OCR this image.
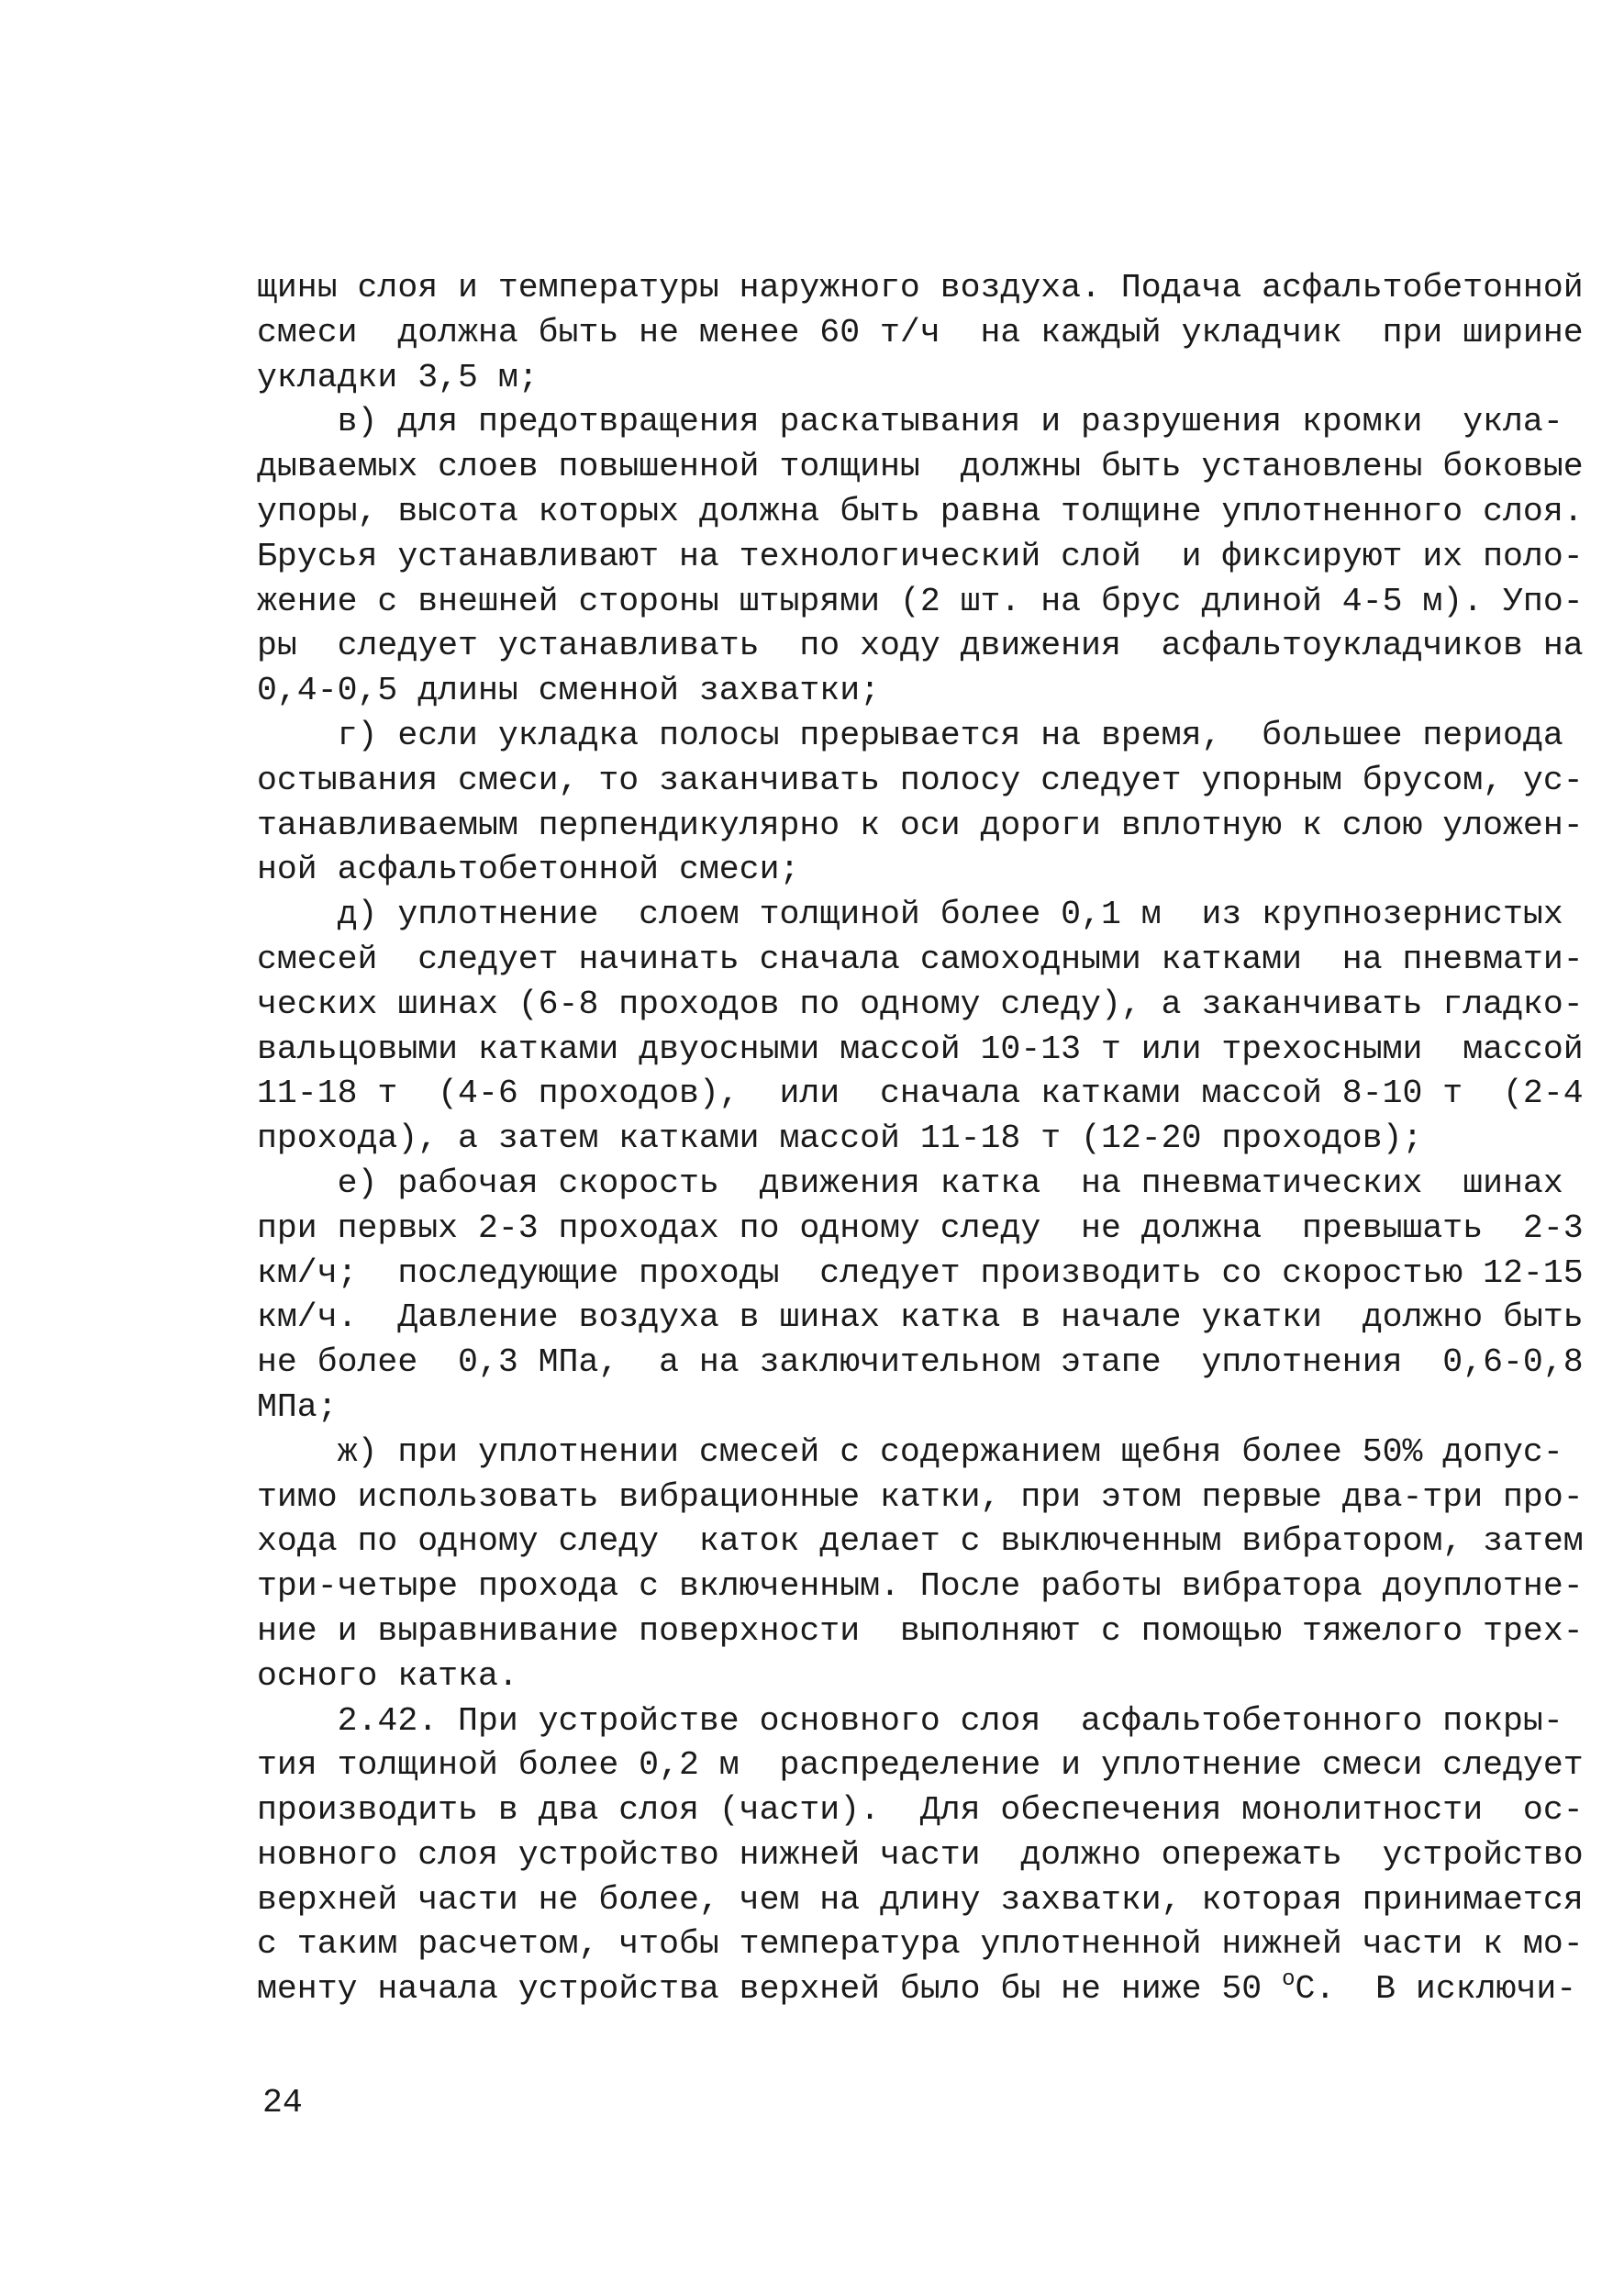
щины слоя и температуры наружного воздуха. Подача асфальтобетонной
смеси  должна быть не менее 60 т/ч  на каждый укладчик  при ширине
укладки 3,5 м;
в) для предотвращения раскатывания и разрушения кромки  укла-
дываемых слоев повышенной толщины  должны быть установлены боковые
упоры, высота которых должна быть равна толщине уплотненного слоя.
Брусья устанавливают на технологический слой  и фиксируют их поло-
жение с внешней стороны штырями (2 шт. на брус длиной 4-5 м). Упо-
ры  следует устанавливать  по ходу движения  асфальтоукладчиков на
0,4-0,5 длины сменной захватки;
г) если укладка полосы прерывается на время,  большее периода
остывания смеси, то заканчивать полосу следует упорным брусом, ус-
танавливаемым перпендикулярно к оси дороги вплотную к слою уложен-
ной асфальтобетонной смеси;
д) уплотнение  слоем толщиной более 0,1 м  из крупнозернистых
смесей  следует начинать сначала самоходными катками  на пневмати-
ческих шинах (6-8 проходов по одному следу), а заканчивать гладко-
вальцовыми катками двуосными массой 10-13 т или трехосными  массой
11-18 т  (4-6 проходов),  или  сначала катками массой 8-10 т  (2-4
прохода), а затем катками массой 11-18 т (12-20 проходов);
е) рабочая скорость  движения катка  на пневматических  шинах
при первых 2-3 проходах по одному следу  не должна  превышать  2-3
км/ч;  последующие проходы  следует производить со скоростью 12-15
км/ч.  Давление воздуха в шинах катка в начале укатки  должно быть
не более  0,3 МПа,  а на заключительном этапе  уплотнения  0,6-0,8
МПа;
ж) при уплотнении смесей с содержанием щебня более 50% допус-
тимо использовать вибрационные катки, при этом первые два-три про-
хода по одному следу  каток делает с выключенным вибратором, затем
три-четыре прохода с включенным. После работы вибратора доуплотне-
ние и выравнивание поверхности  выполняют с помощью тяжелого трех-
осного катка.
2.42. При устройстве основного слоя  асфальтобетонного покры-
тия толщиной более 0,2 м  распределение и уплотнение смеси следует
производить в два слоя (части).  Для обеспечения монолитности  ос-
новного слоя устройство нижней части  должно опережать  устройство
верхней части не более, чем на длину захватки, которая принимается
с таким расчетом, чтобы температура уплотненной нижней части к мо-
менту начала устройства верхней было бы не ниже 50 $^o$С.  В исключи-
24
